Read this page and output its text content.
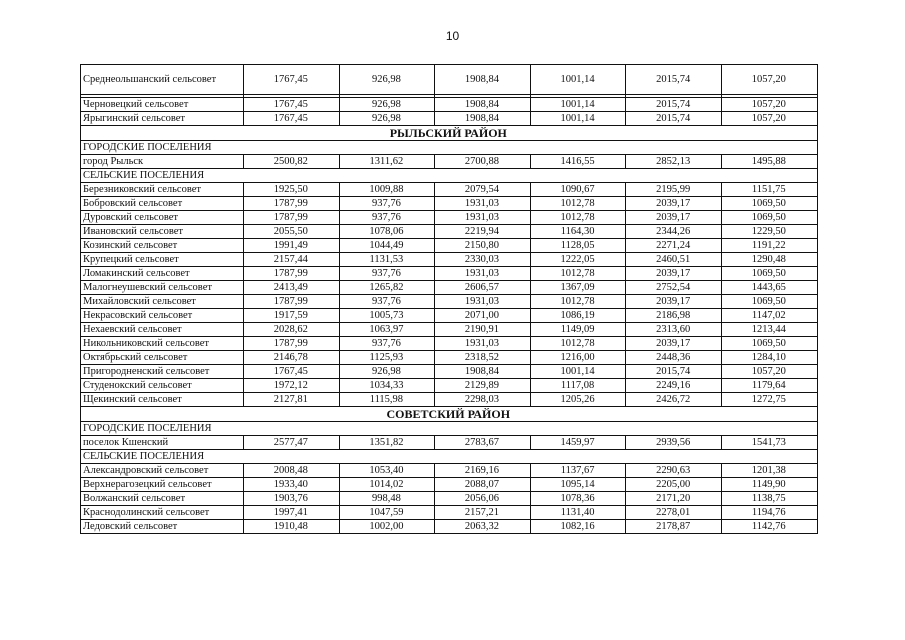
10
Среднеольшанский сельсовет	1767,45	926,98	1908,84	1001,14	2015,74	1057,20

Черновецкий сельсовет	1767,45	926,98	1908,84	1001,14	2015,74	1057,20
Ярыгинский сельсовет	1767,45	926,98	1908,84	1001,14	2015,74	1057,20
РЫЛЬСКИЙ РАЙОН						
ГОРОДСКИЕ ПОСЕЛЕНИЯ						
город Рыльск	2500,82	1311,62	2700,88	1416,55	2852,13	1495,88
СЕЛЬСКИЕ ПОСЕЛЕНИЯ						
Березниковский сельсовет	1925,50	1009,88	2079,54	1090,67	2195,99	1151,75
Бобровский сельсовет	1787,99	937,76	1931,03	1012,78	2039,17	1069,50
Дуровский сельсовет	1787,99	937,76	1931,03	1012,78	2039,17	1069,50
Ивановский сельсовет	2055,50	1078,06	2219,94	1164,30	2344,26	1229,50
Козинский сельсовет	1991,49	1044,49	2150,80	1128,05	2271,24	1191,22
Крупецкий сельсовет	2157,44	1131,53	2330,03	1222,05	2460,51	1290,48
Ломакинский сельсовет	1787,99	937,76	1931,03	1012,78	2039,17	1069,50
Малогнеушевский сельсовет	2413,49	1265,82	2606,57	1367,09	2752,54	1443,65
Михайловский сельсовет	1787,99	937,76	1931,03	1012,78	2039,17	1069,50
Некрасовский сельсовет	1917,59	1005,73	2071,00	1086,19	2186,98	1147,02
Нехаевский сельсовет	2028,62	1063,97	2190,91	1149,09	2313,60	1213,44
Никольниковский сельсовет	1787,99	937,76	1931,03	1012,78	2039,17	1069,50
Октябрьский сельсовет	2146,78	1125,93	2318,52	1216,00	2448,36	1284,10
Пригородненский сельсовет	1767,45	926,98	1908,84	1001,14	2015,74	1057,20
Студенокский сельсовет	1972,12	1034,33	2129,89	1117,08	2249,16	1179,64
Щекинский сельсовет	2127,81	1115,98	2298,03	1205,26	2426,72	1272,75
СОВЕТСКИЙ РАЙОН						
ГОРОДСКИЕ ПОСЕЛЕНИЯ						
поселок Кшенский	2577,47	1351,82	2783,67	1459,97	2939,56	1541,73
СЕЛЬСКИЕ ПОСЕЛЕНИЯ						
Александровский сельсовет	2008,48	1053,40	2169,16	1137,67	2290,63	1201,38
Верхнерагозецкий сельсовет	1933,40	1014,02	2088,07	1095,14	2205,00	1149,90
Волжанский сельсовет	1903,76	998,48	2056,06	1078,36	2171,20	1138,75
Краснодолинский сельсовет	1997,41	1047,59	2157,21	1131,40	2278,01	1194,76
Ледовский сельсовет	1910,48	1002,00	2063,32	1082,16	2178,87	1142,76
